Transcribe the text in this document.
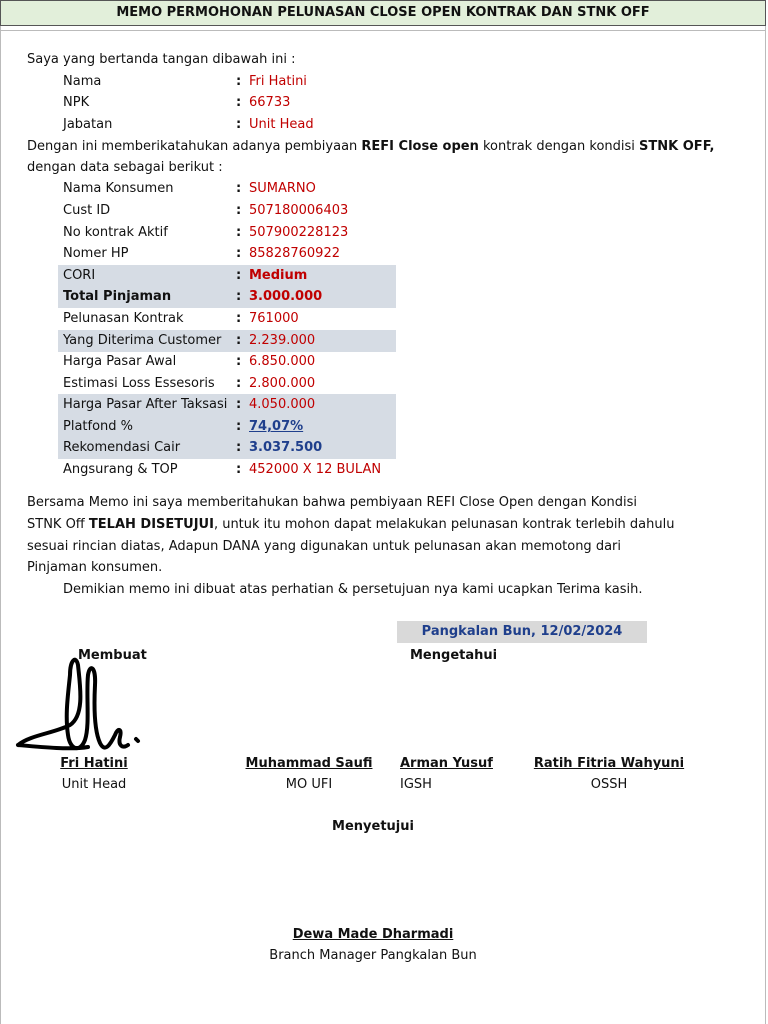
MEMO PERMOHONAN PELUNASAN CLOSE OPEN KONTRAK DAN STNK OFF
Saya yang bertanda tangan dibawah ini :
Nama	: Fri Hatini
NPK	: 66733
Jabatan	: Unit Head
Dengan ini memberikatahukan adanya pembiyaan REFI Close open kontrak dengan kondisi STNK OFF,
dengan data sebagai berikut :
Nama Konsumen	: SUMARNO
Cust ID	: 507180006403
No kontrak Aktif	: 507900228123
Nomer HP	: 85828760922
CORI	: Medium
Total Pinjaman	: 3.000.000
Pelunasan Kontrak	: 761000
Yang Diterima Customer : 2.239.000
Harga Pasar Awal	: 6.850.000
Estimasi Loss Essesoris : 2.800.000
Harga Pasar After Taksasi : 4.050.000
Platfond %	: 74,07%
Rekomendasi Cair	: 3.037.500
Angsurang & TOP	: 452000 X 12 BULAN
Bersama Memo ini saya memberitahukan bahwa pembiyaan REFI Close Open dengan Kondisi
STNK Off TELAH DISETUJUI, untuk itu mohon dapat melakukan pelunasan kontrak terlebih dahulu
sesuai rincian diatas, Adapun DANA yang digunakan untuk pelunasan akan memotong dari
Pinjaman konsumen.
Demikian memo ini dibuat atas perhatian & persetujuan nya kami ucapkan Terima kasih.
Pangkalan Bun, 12/02/2024
Membuat	Mengetahui
Fri Hatini
Unit Head
Muhammad Saufi
MO UFI
Arman Yusuf
IGSH
Ratih Fitria Wahyuni
OSSH
Menyetujui
Dewa Made Dharmadi
Branch Manager Pangkalan Bun
